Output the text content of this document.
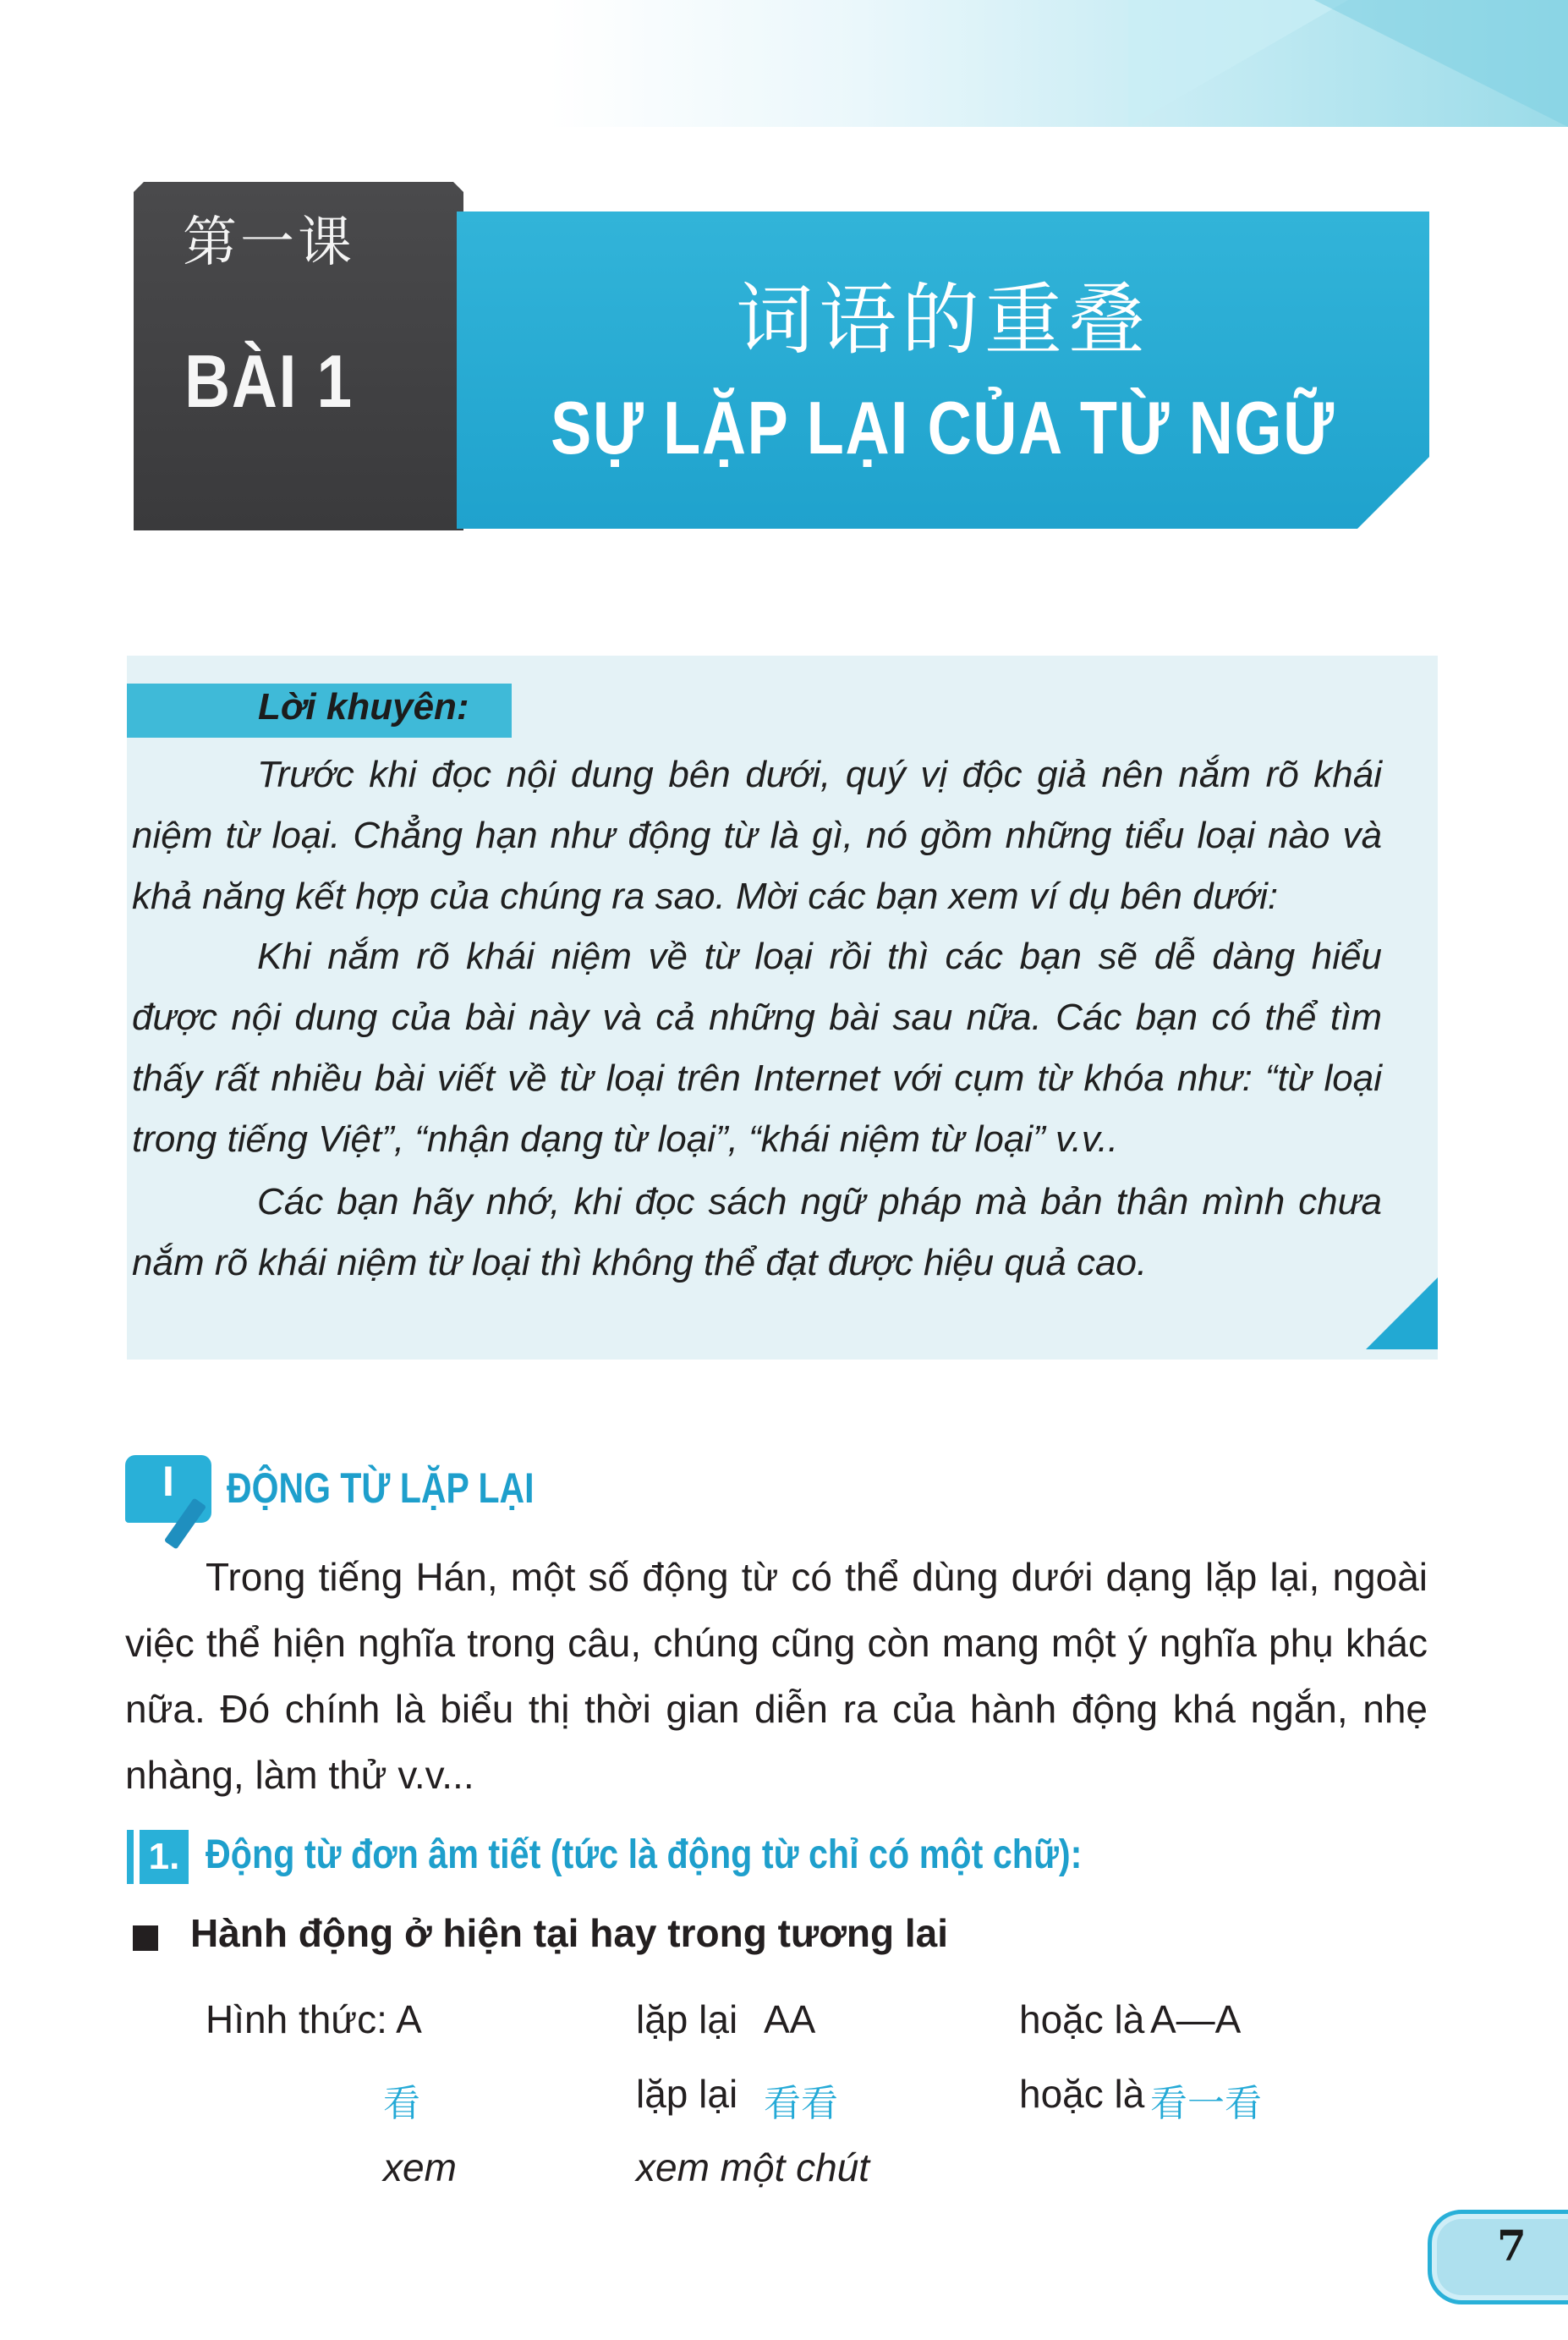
第一课
BÀI 1
词语的重叠
SỰ LẶP LẠI CỦA TỪ NGỮ
Lời khuyên:

Trước khi đọc nội dung bên dưới, quý vị độc giả nên nắm rõ khái niệm từ loại. Chẳng hạn như động từ là gì, nó gồm những tiểu loại nào và khả năng kết hợp của chúng ra sao. Mời các bạn xem ví dụ bên dưới:

Khi nắm rõ khái niệm về từ loại rồi thì các bạn sẽ dễ dàng hiểu được nội dung của bài này và cả những bài sau nữa. Các bạn có thể tìm thấy rất nhiều bài viết về từ loại trên Internet với cụm từ khóa như: “từ loại trong tiếng Việt”, “nhận dạng từ loại”, “khái niệm từ loại” v.v..

Các bạn hãy nhớ, khi đọc sách ngữ pháp mà bản thân mình chưa nắm rõ khái niệm từ loại thì không thể đạt được hiệu quả cao.

I	ĐỘNG TỪ LẶP LẠI

Trong tiếng Hán, một số động từ có thể dùng dưới dạng lặp lại, ngoài việc thể hiện nghĩa trong câu, chúng cũng còn mang một ý nghĩa phụ khác nữa. Đó chính là biểu thị thời gian diễn ra của hành động khá ngắn, nhẹ nhàng, làm thử v.v...

1. Động từ đơn âm tiết (tức là động từ chỉ có một chữ):
Hành động ở hiện tại hay trong tương lai
Hình thức: A	lặp lại AA	hoặc là A—A
看	lặp lại 看看	hoặc là 看一看
xem	xem một chút
7
